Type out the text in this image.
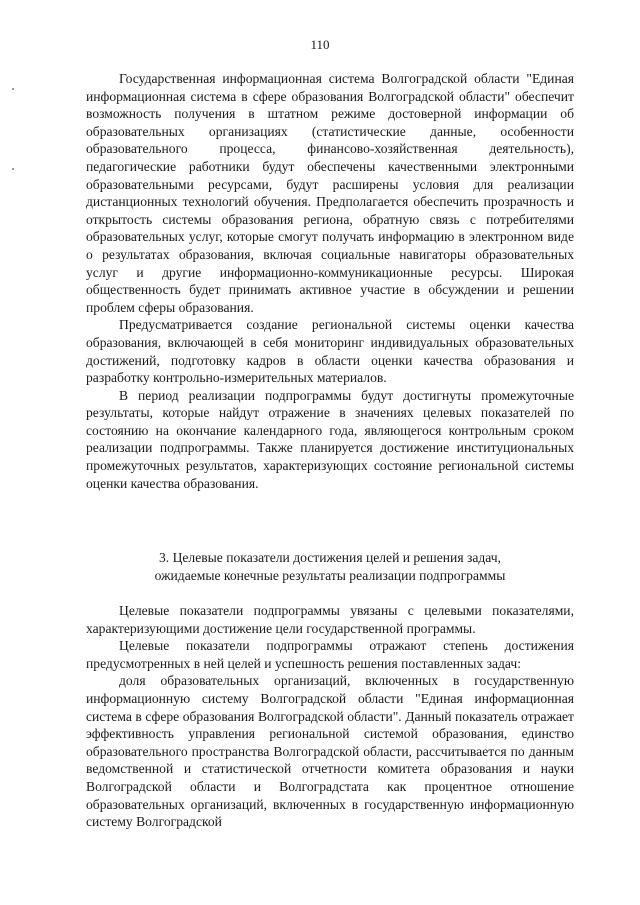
110

Государственная информационная система Волгоградской области "Единая информационная система в сфере образования Волгоградской области" обеспечит возможность получения в штатном режиме достоверной информации об образовательных организациях (статистические данные, особенности образовательного процесса, финансово-хозяйственная деятельность), педагогические работники будут обеспечены качественными электронными образовательными ресурсами, будут расширены условия для реализации дистанционных технологий обучения. Предполагается обеспечить прозрачность и открытость системы образования региона, обратную связь с потребителями образовательных услуг, которые смогут получать информацию в электронном виде о результатах образования, включая социальные навигаторы образовательных услуг и другие информационно-коммуникационные ресурсы. Широкая общественность будет принимать активное участие в обсуждении и решении проблем сферы образования.

Предусматривается создание региональной системы оценки качества образования, включающей в себя мониторинг индивидуальных образовательных достижений, подготовку кадров в области оценки качества образования и разработку контрольно-измерительных материалов.

В период реализации подпрограммы будут достигнуты промежуточные результаты, которые найдут отражение в значениях целевых показателей по состоянию на окончание календарного года, являющегося контрольным сроком реализации подпрограммы. Также планируется достижение институциональных промежуточных результатов, характеризующих состояние региональной системы оценки качества образования.

3. Целевые показатели достижения целей и решения задач,
ожидаемые конечные результаты реализации подпрограммы

Целевые показатели подпрограммы увязаны с целевыми показателями, характеризующими достижение цели государственной программы.

Целевые показатели подпрограммы отражают степень достижения предусмотренных в ней целей и успешность решения поставленных задач:

доля образовательных организаций, включенных в государственную информационную систему Волгоградской области "Единая информационная система в сфере образования Волгоградской области". Данный показатель отражает эффективность управления региональной системой образования, единство образовательного пространства Волгоградской области, рассчитывается по данным ведомственной и статистической отчетности комитета образования и науки Волгоградской области и Волгоградстата как процентное отношение образовательных организаций, включенных в государственную информационную систему Волгоградской
